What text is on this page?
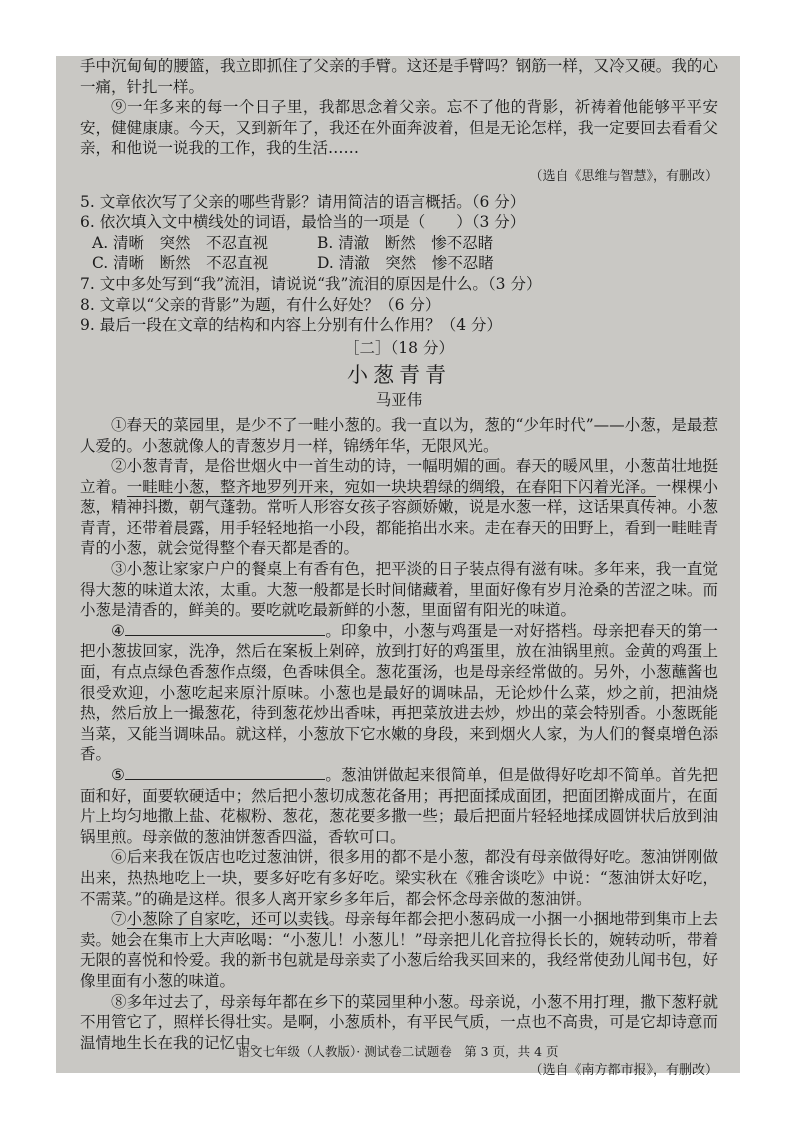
手中沉甸甸的腰篮，我立即抓住了父亲的手臂。这还是手臂吗？钢筋一样，又冷又硬。我的心一痛，针扎一样。

⑨一年多来的每一个日子里，我都思念着父亲。忘不了他的背影，祈祷着他能够平平安安，健健康康。今天，又到新年了，我还在外面奔波着，但是无论怎样，我一定要回去看看父亲，和他说一说我的工作，我的生活……

（选自《思维与智慧》，有删改）

5. 文章依次写了父亲的哪些背影？请用简洁的语言概括。（6 分）

6. 依次填入文中横线处的词语，最恰当的一项是（　　）（3 分）

A. 清晰　突然　不忍直视	B. 清澈　断然　惨不忍睹
C. 清晰　断然　不忍直视	D. 清澈　突然　惨不忍睹

7. 文中多处写到“我”流泪，请说说“我”流泪的原因是什么。（3 分）

8. 文章以“父亲的背影”为题，有什么好处？（6 分）

9. 最后一段在文章的结构和内容上分别有什么作用？（4 分）

［二］（18 分）

小葱青青

马亚伟

①春天的菜园里，是少不了一畦小葱的。我一直以为，葱的“少年时代”——小葱，是最惹人爱的。小葱就像人的青葱岁月一样，锦绣年华，无限风光。

②小葱青青，是俗世烟火中一首生动的诗，一幅明媚的画。春天的暖风里，小葱苗壮地挺立着。一畦畦小葱，整齐地罗列开来，宛如一块块碧绿的绸缎，在春阳下闪着光泽。一棵棵小葱，精神抖擞，朝气蓬勃。常听人形容女孩子容颜娇嫩，说是水葱一样，这话果真传神。小葱青青，还带着晨露，用手轻轻地掐一小段，都能掐出水来。走在春天的田野上，看到一畦畦青青的小葱，就会觉得整个春天都是香的。

③小葱让家家户户的餐桌上有香有色，把平淡的日子装点得有滋有味。多年来，我一直觉得大葱的味道太浓，太重。大葱一般都是长时间储藏着，里面好像有岁月沧桑的苦涩之味。而小葱是清香的，鲜美的。要吃就吃最新鲜的小葱，里面留有阳光的味道。

④	。印象中，小葱与鸡蛋是一对好搭档。母亲把春天的第一把小葱拔回家，洗净，然后在案板上剁碎，放到打好的鸡蛋里，放在油锅里煎。金黄的鸡蛋上面，有点点绿色香葱作点缀，色香味俱全。葱花蛋汤，也是母亲经常做的。另外，小葱蘸酱也很受欢迎，小葱吃起来原汁原味。小葱也是最好的调味品，无论炒什么菜，炒之前，把油烧热，然后放上一撮葱花，待到葱花炒出香味，再把菜放进去炒，炒出的菜会特别香。小葱既能当菜，又能当调味品。就这样，小葱放下它水嫩的身段，来到烟火人家，为人们的餐桌增色添香。

⑤	。葱油饼做起来很简单，但是做得好吃却不简单。首先把面和好，面要软硬适中；然后把小葱切成葱花备用；再把面揉成面团，把面团擀成面片，在面片上均匀地撒上盐、花椒粉、葱花，葱花要多撒一些；最后把面片轻轻地揉成圆饼状后放到油锅里煎。母亲做的葱油饼葱香四溢，香软可口。

⑥后来我在饭店也吃过葱油饼，很多用的都不是小葱，都没有母亲做得好吃。葱油饼刚做出来，热热地吃上一块，要多好吃有多好吃。梁实秋在《雅舍谈吃》中说：“葱油饼太好吃，不需菜。”的确是这样。很多人离开家乡多年后，都会怀念母亲做的葱油饼。

⑦小葱除了自家吃，还可以卖钱。母亲每年都会把小葱码成一小捆一小捆地带到集市上去卖。她会在集市上大声吆喝：“小葱儿！小葱儿！”母亲把儿化音拉得长长的，婉转动听，带着无限的喜悦和怜爱。我的新书包就是母亲卖了小葱后给我买回来的，我经常使劲儿闻书包，好像里面有小葱的味道。

⑧多年过去了，母亲每年都在乡下的菜园里种小葱。母亲说，小葱不用打理，撒下葱籽就不用管它了，照样长得壮实。是啊，小葱质朴，有平民气质，一点也不高贵，可是它却诗意而温情地生长在我的记忆中。

（选自《南方都市报》，有删改）

语文七年级（人教版）· 测试卷二试题卷　第 3 页，共 4 页
